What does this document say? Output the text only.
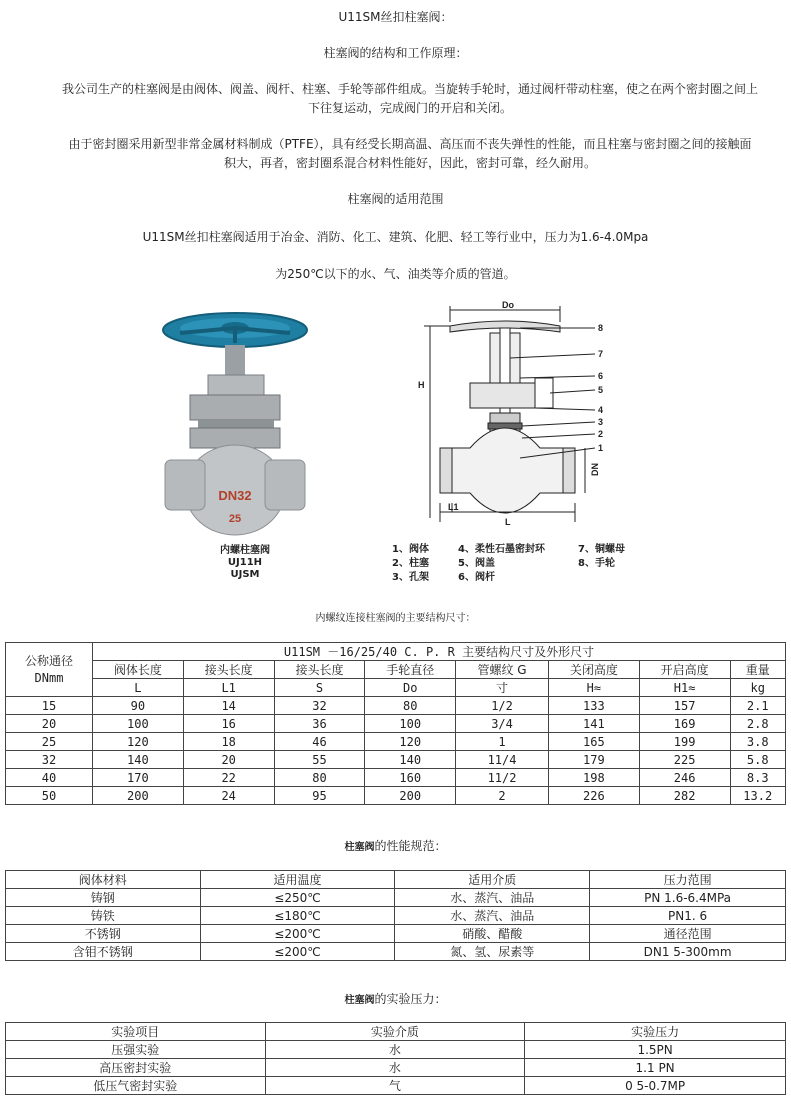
U11SM丝扣柱塞阀：
柱塞阀的结构和工作原理：
我公司生产的柱塞阀是由阀体、阀盖、阀杆、柱塞、手轮等部件组成。当旋转手轮时，通过阀杆带动柱塞，使之在两个密封圈之间上
下往复运动，完成阀门的开启和关闭。
由于密封圈采用新型非常金属材料制成（PTFE），具有经受长期高温、高压而不丧失弹性的性能，而且柱塞与密封圈之间的接触面
积大，再者，密封圈系混合材料性能好，因此，密封可靠，经久耐用。
柱塞阀的适用范围
U11SM丝扣柱塞阀适用于冶金、消防、化工、建筑、化肥、轻工等行业中，压力为1.6-4.0Mpa
为250℃以下的水、气、油类等介质的管道。
DN32
25
内螺柱塞阀
UJ11H
UJSM
Do
H
DN
L1
L
8
7
6
5
4
3
2
1
1、阀体	4、柔性石墨密封环	7、铜螺母
2、柱塞	5、阀盖	8、手轮
3、孔架	6、阀杆
内螺纹连接柱塞阀的主要结构尺寸：
公称通径
DNmm	U11SM －16/25/40 C. P. R 主要结构尺寸及外形尺寸							
	阀体长度	接头长度	接头长度	手轮直径	管螺纹 G	关闭高度	开启高度	重量
	L	L1	S	Do	寸	H≈	H1≈	kg
15	90	14	32	80	1/2	133	157	2.1
20	100	16	36	100	3/4	141	169	2.8
25	120	18	46	120	1	165	199	3.8
32	140	20	55	140	11/4	179	225	5.8
40	170	22	80	160	11/2	198	246	8.3
50	200	24	95	200	2	226	282	13.2
柱塞阀的性能规范：
阀体材料	适用温度	适用介质	压力范围
铸钢	≤250℃	水、蒸汽、油品	PN 1.6-6.4MPa
铸铁	≤180℃	水、蒸汽、油品	PN1. 6
不锈钢	≤200℃	硝酸、醋酸	通径范围
含钼不锈钢	≤200℃	氮、氢、尿素等	DN1 5-300mm
柱塞阀的实验压力：
实验项目	实验介质	实验压力
压强实验	水	1.5PN
高压密封实验	水	1.1 PN
低压气密封实验	气	0 5-0.7MP
